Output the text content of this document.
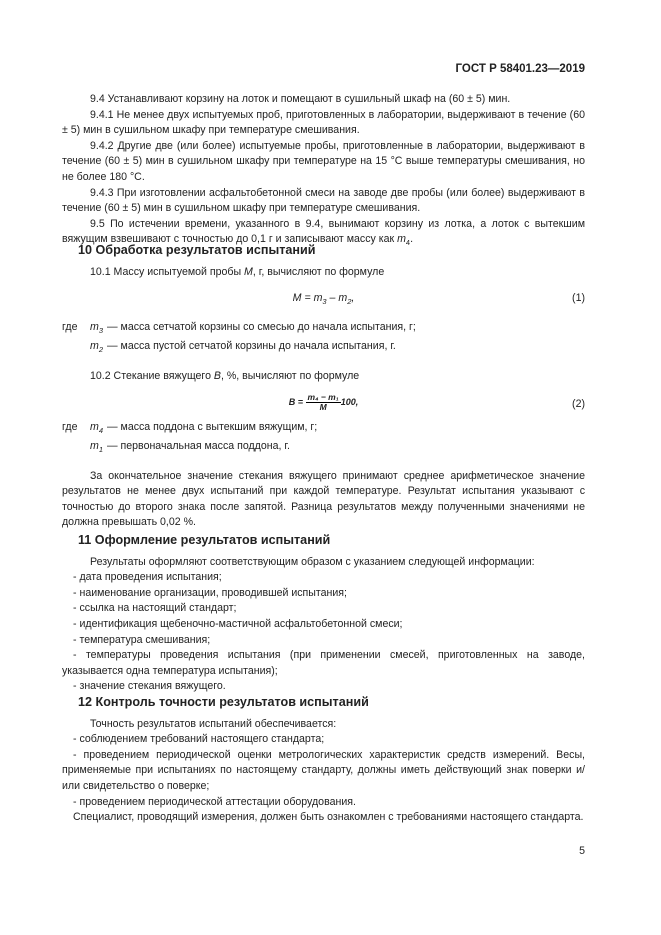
ГОСТ Р 58401.23—2019

9.4 Устанавливают корзину на лоток и помещают в сушильный шкаф на (60 ± 5) мин.

9.4.1 Не менее двух испытуемых проб, приготовленных в лаборатории, выдерживают в течение (60 ± 5) мин в сушильном шкафу при температуре смешивания.

9.4.2 Другие две (или более) испытуемые пробы, приготовленные в лаборатории, выдерживают в течение (60 ± 5) мин в сушильном шкафу при температуре на 15 °С выше температуры смешивания, но не более 180 °С.

9.4.3 При изготовлении асфальтобетонной смеси на заводе две пробы (или более) выдерживают в течение (60 ± 5) мин в сушильном шкафу при температуре смешивания.

9.5 По истечении времени, указанного в 9.4, вынимают корзину из лотка, а лоток с вытекшим вяжущим взвешивают с точностью до 0,1 г и записывают массу как $m_4$.

10 Обработка результатов испытаний
10.1 Массу испытуемой пробы M, г, вычисляют по формуле
$M = m_3 - m_2$,	(1)
где	$m_3$ — масса сетчатой корзины со смесью до начала испытания, г;
$m_2$ — масса пустой сетчатой корзины до начала испытания, г.
10.2 Стекание вяжущего B, %, вычисляют по формуле
$B = \frac{\text{m₄ − m₁}}{M} 100$,	(2)
где	$m_4$ — масса поддона с вытекшим вяжущим, г;
$m_1$ — первоначальная масса поддона, г.

За окончательное значение стекания вяжущего принимают среднее арифметическое значение результатов не менее двух испытаний при каждой температуре. Результат испытания указывают с точностью до второго знака после запятой. Разница результатов между полученными значениями не должна превышать 0,02 %.

11 Оформление результатов испытаний
Результаты оформляют соответствующим образом с указанием следующей информации:

- дата проведения испытания;

- наименование организации, проводившей испытания;

- ссылка на настоящий стандарт;

- идентификация щебеночно-мастичной асфальтобетонной смеси;

- температура смешивания;

- температуры проведения испытания (при применении смесей, приготовленных на заводе, указывается одна температура испытания);

- значение стекания вяжущего.

12 Контроль точности результатов испытаний
Точность результатов испытаний обеспечивается:

- соблюдением требований настоящего стандарта;

- проведением периодической оценки метрологических характеристик средств измерений. Весы, применяемые при испытаниях по настоящему стандарту, должны иметь действующий знак поверки и/или свидетельство о поверке;

- проведением периодической аттестации оборудования.

Специалист, проводящий измерения, должен быть ознакомлен с требованиями настоящего стандарта.

5
